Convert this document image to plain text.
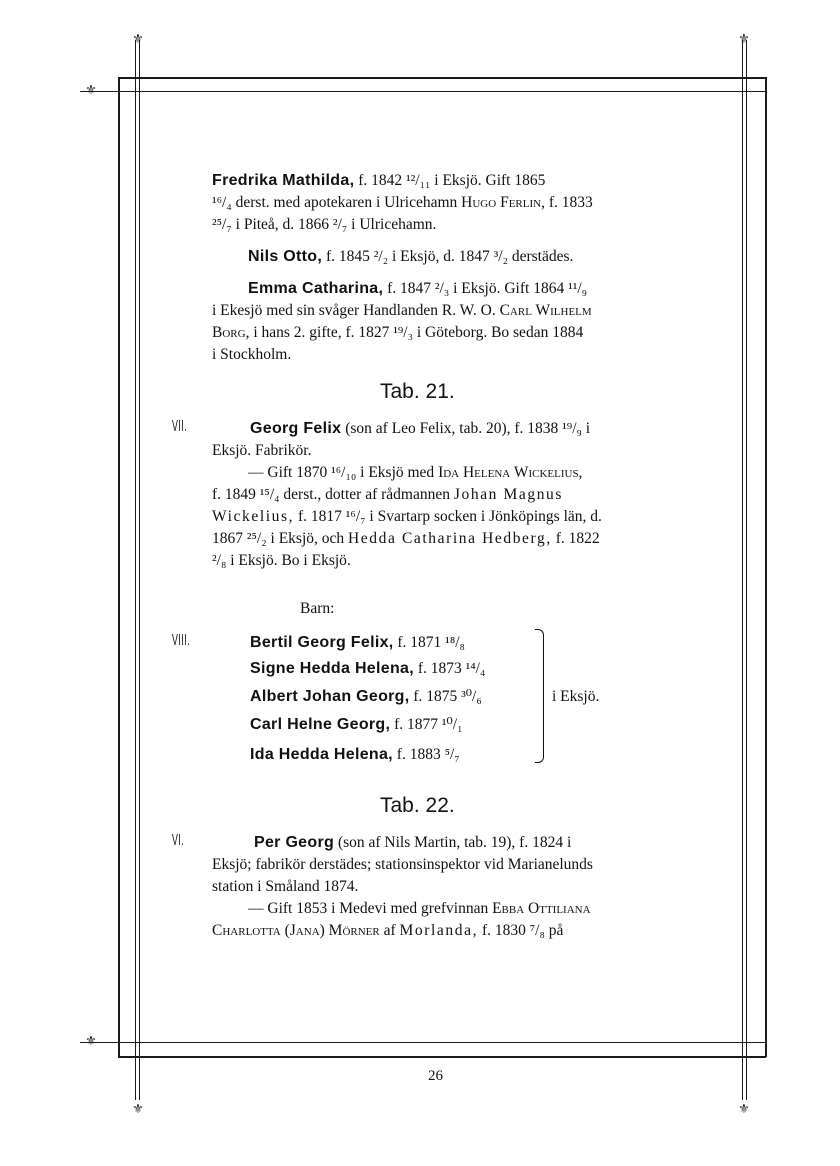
⚜	⚜
⚜	⚜
⚜
⚜
Fredrika Mathilda, f. 1842 ¹²/₁₁ i Eksjö. Gift 1865
¹⁶/₄ derst. med apotekaren i Ulricehamn Hugo Ferlin, f. 1833
²⁵/₇ i Piteå, d. 1866 ²/₇ i Ulricehamn.
Nils Otto, f. 1845 ²/₂ i Eksjö, d. 1847 ³/₂ derstädes.
Emma Catharina, f. 1847 ²/₃ i Eksjö. Gift 1864 ¹¹/₉
i Ekesjö med sin svåger Handlanden R. W. O. Carl Wilhelm
Borg, i hans 2. gifte, f. 1827 ¹⁹/₃ i Göteborg. Bo sedan 1884
i Stockholm.
Tab. 21.
VII.	Georg Felix (son af Leo Felix, tab. 20), f. 1838 ¹⁹/₉ i
Eksjö. Fabrikör.
— Gift 1870 ¹⁶/₁₀ i Eksjö med Ida Helena Wickelius,
f. 1849 ¹⁵/₄ derst., dotter af rådmannen Johan Magnus
Wickelius, f. 1817 ¹⁶/₇ i Svartarp socken i Jönköpings län, d.
1867 ²⁵/₂ i Eksjö, och Hedda Catharina Hedberg, f. 1822
²/₈ i Eksjö. Bo i Eksjö.
Barn:
VIII.	Bertil Georg Felix, f. 1871 ¹⁸/₈
Signe Hedda Helena, f. 1873 ¹⁴/₄
Albert Johan Georg, f. 1875 ³⁰/₆
Carl Helne Georg, f. 1877 ¹⁰/₁
Ida Hedda Helena, f. 1883 ⁵/₇
i Eksjö.
Tab. 22.
VI.	Per Georg (son af Nils Martin, tab. 19), f. 1824 i
Eksjö; fabrikör derstädes; stationsinspektor vid Marianelunds
station i Småland 1874.
— Gift 1853 i Medevi med grefvinnan Ebba Ottiliana
Charlotta (Jana) Mörner af Morlanda, f. 1830 ⁷/₈ på
26
